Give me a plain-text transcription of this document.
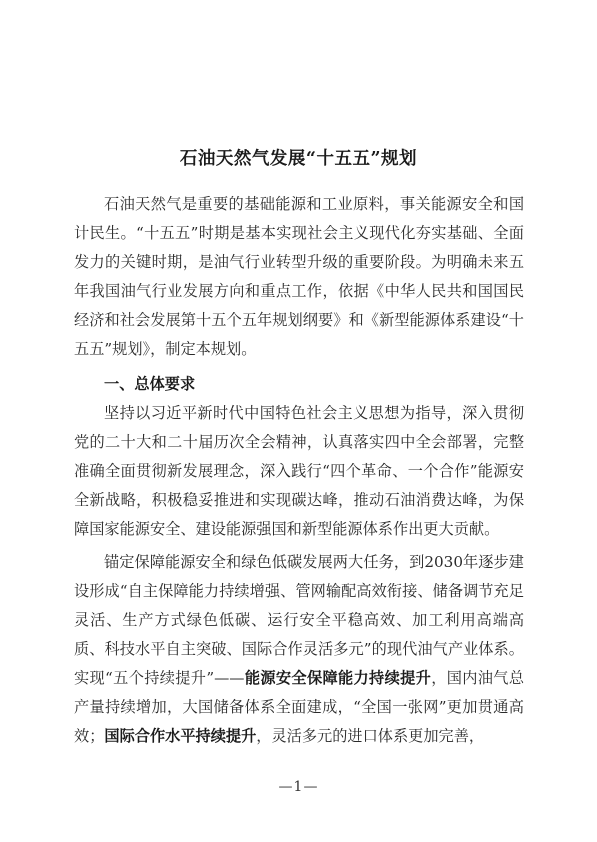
石油天然气发展“十五五”规划

石油天然气是重要的基础能源和工业原料，事关能源安全和国计民生。“十五五”时期是基本实现社会主义现代化夯实基础、全面发力的关键时期，是油气行业转型升级的重要阶段。为明确未来五年我国油气行业发展方向和重点工作，依据《中华人民共和国国民经济和社会发展第十五个五年规划纲要》和《新型能源体系建设“十五五”规划》，制定本规划。

一、总体要求

坚持以习近平新时代中国特色社会主义思想为指导，深入贯彻党的二十大和二十届历次全会精神，认真落实四中全会部署，完整准确全面贯彻新发展理念，深入践行“四个革命、一个合作”能源安全新战略，积极稳妥推进和实现碳达峰，推动石油消费达峰，为保障国家能源安全、建设能源强国和新型能源体系作出更大贡献。

锚定保障能源安全和绿色低碳发展两大任务，到2030年逐步建设形成“自主保障能力持续增强、管网输配高效衔接、储备调节充足灵活、生产方式绿色低碳、运行安全平稳高效、加工利用高端高质、科技水平自主突破、国际合作灵活多元”的现代油气产业体系。实现“五个持续提升”——能源安全保障能力持续提升，国内油气总产量持续增加，大国储备体系全面建成，“全国一张网”更加贯通高效；国际合作水平持续提升，灵活多元的进口体系更加完善，

—1—
